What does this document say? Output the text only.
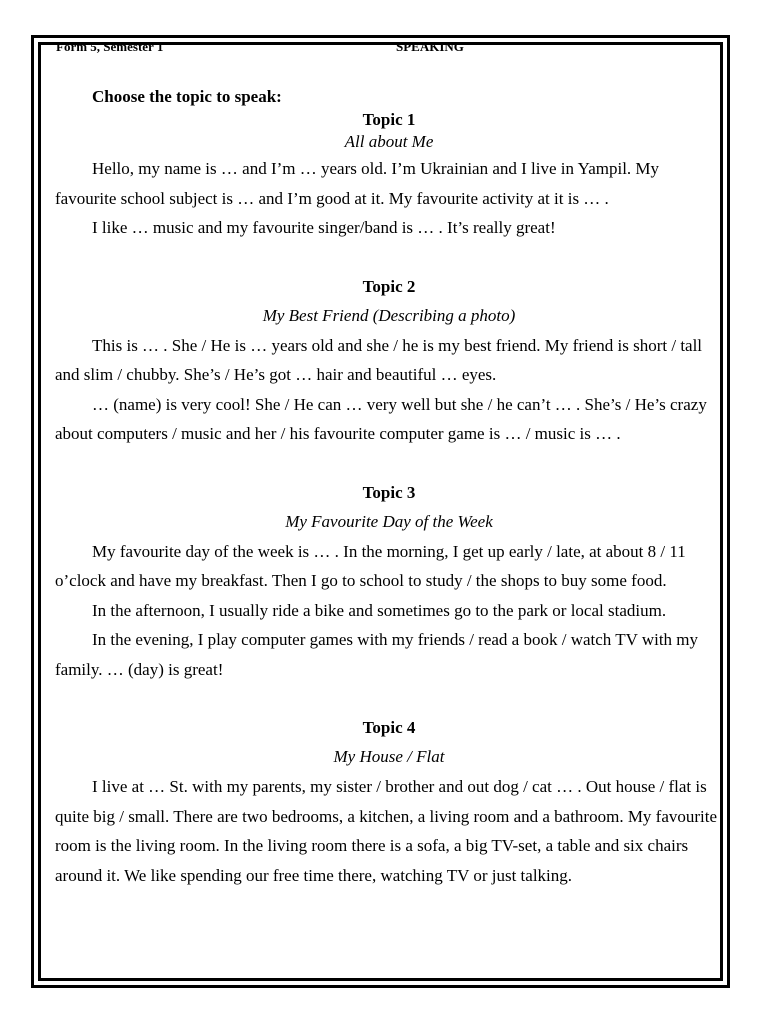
Form 5, Semester 1	SPEAKING

Choose the topic to speak:

Topic 1

All about Me

Hello, my name is … and I’m … years old. I’m Ukrainian and I live in Yampil. My favourite school subject is … and I’m good at it. My favourite activity at it is … .

I like … music and my favourite singer/band is … . It’s really great!

Topic 2

My Best Friend (Describing a photo)

This is … . She / He is … years old and she / he is my best friend. My friend is short / tall and slim / chubby. She’s / He’s got … hair and beautiful … eyes.

… (name) is very cool! She / He can … very well but she / he can’t … . She’s / He’s crazy about computers / music and her / his favourite computer game is … / music is … .

Topic 3

My Favourite Day of the Week

My favourite day of the week is … . In the morning, I get up early / late, at about 8 / 11 o’clock and have my breakfast. Then I go to school to study / the shops to buy some food.

In the afternoon, I usually ride a bike and sometimes go to the park or local stadium.

In the evening, I play computer games with my friends / read a book / watch TV with my family. … (day) is great!

Topic 4

My House / Flat

I live at … St. with my parents, my sister / brother and out dog / cat … . Out house / flat is quite big / small. There are two bedrooms, a kitchen, a living room and a bathroom. My favourite room is the living room. In the living room there is a sofa, a big TV-set, a table and six chairs around it. We like spending our free time there, watching TV or just talking.
